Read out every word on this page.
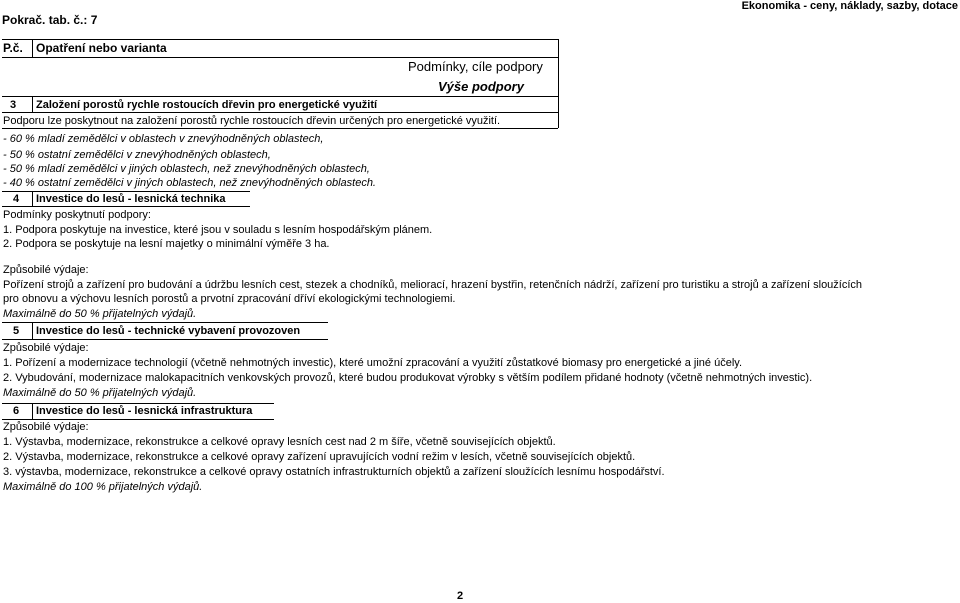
Pokrač. tab. č.: 7
Ekonomika - ceny, náklady, sazby, dotace
P.č. Opatření nebo varianta
Podmínky, cíle podpory
Výše podpory
3 Založení porostů rychle rostoucích dřevin pro energetické využití
Podporu lze poskytnout na založení porostů rychle rostoucích dřevin určených pro energetické využití.
- 60 % mladí zemědělci v oblastech v znevýhodněných oblastech,
- 50 % ostatní zemědělci v znevýhodněných oblastech,
- 50 % mladí zemědělci v jiných oblastech, než znevýhodněných oblastech,
- 40 % ostatní zemědělci v jiných oblastech, než znevýhodněných oblastech.
4 Investice do lesů - lesnická technika
Podmínky poskytnutí podpory:
1. Podpora poskytuje na investice, které jsou v souladu s lesním hospodářským plánem.
2. Podpora se poskytuje na lesní majetky o minimální výměře 3 ha.
Způsobilé výdaje:
Pořízení strojů a zařízení pro budování a údržbu lesních cest, stezek a chodníků, meliorací, hrazení bystřin, retenčních nádrží, zařízení pro turistiku a strojů a zařízení sloužících
pro obnovu a výchovu lesních porostů a prvotní zpracování dříví ekologickými technologiemi.
Maximálně do 50 % přijatelných výdajů.
5 Investice do lesů - technické vybavení provozoven
Způsobilé výdaje:
1. Pořízení a modernizace technologií (včetně nehmotných investic), které umožní zpracování a využití zůstatkové biomasy pro energetické a jiné účely.
2. Vybudování, modernizace malokapacitních venkovských provozů, které budou produkovat výrobky s větším podílem přidané hodnoty (včetně nehmotných investic).
Maximálně do 50 % přijatelných výdajů.
6 Investice do lesů - lesnická infrastruktura
Způsobilé výdaje:
1. Výstavba, modernizace, rekonstrukce a celkové opravy lesních cest nad 2 m šíře, včetně souvisejících objektů.
2. Výstavba, modernizace, rekonstrukce a celkové opravy zařízení upravujících vodní režim v lesích, včetně souvisejících objektů.
3. výstavba, modernizace, rekonstrukce a celkové opravy ostatních infrastrukturních objektů a zařízení sloužících lesnímu hospodářství.
Maximálně do 100 % přijatelných výdajů.
2
